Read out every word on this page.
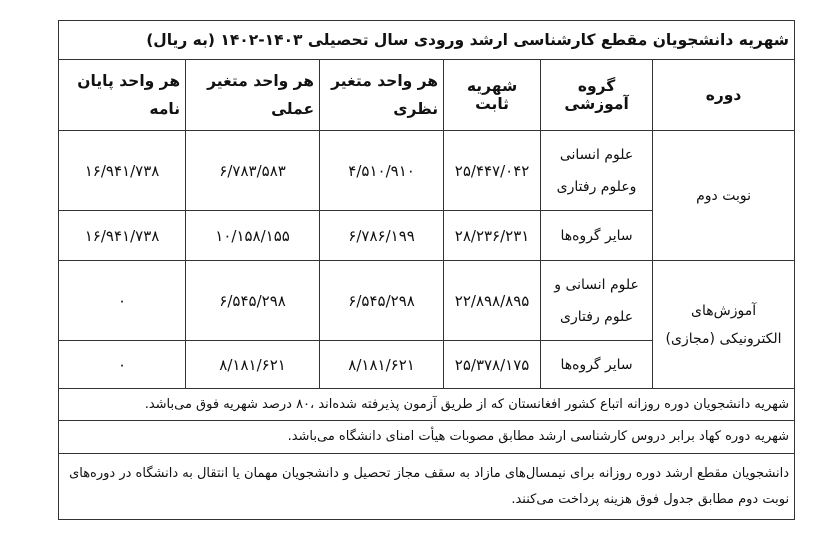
شهریه دانشجویان مقطع کارشناسی ارشد ورودی سال تحصیلی ۱۴۰۳-۱۴۰۲ (به ریال)					
دوره	گروه آموزشی	شهریه ثابت	هر واحد متغیر نظری	هر واحد متغیر عملی	هر واحد پایان نامه
نوبت دوم	علوم انسانی وعلوم رفتاری	۲۵/۴۴۷/۰۴۲	۴/۵۱۰/۹۱۰	۶/۷۸۳/۵۸۳	۱۶/۹۴۱/۷۳۸
	سایر گروه‌ها	۲۸/۲۳۶/۲۳۱	۶/۷۸۶/۱۹۹	۱۰/۱۵۸/۱۵۵	۱۶/۹۴۱/۷۳۸
آموزش‌های الکترونیکی (مجازی)	علوم انسانی و علوم رفتاری	۲۲/۸۹۸/۸۹۵	۶/۵۴۵/۲۹۸	۶/۵۴۵/۲۹۸	۰
	سایر گروه‌ها	۲۵/۳۷۸/۱۷۵	۸/۱۸۱/۶۲۱	۸/۱۸۱/۶۲۱	۰
شهریه دانشجویان دوره روزانه اتباع کشور افغانستان که از طریق آزمون پذیرفته شده‌اند ،۸۰ درصد شهریه فوق می‌باشد.					
شهریه دوره کهاد برابر دروس کارشناسی ارشد مطابق مصوبات هیأت امنای دانشگاه می‌باشد.					
دانشجویان مقطع ارشد دوره روزانه برای نیمسال‌های مازاد به سقف مجاز تحصیل و دانشجویان مهمان یا انتقال به دانشگاه در دوره‌های نوبت دوم مطابق جدول فوق هزینه پرداخت می‌کنند.					
